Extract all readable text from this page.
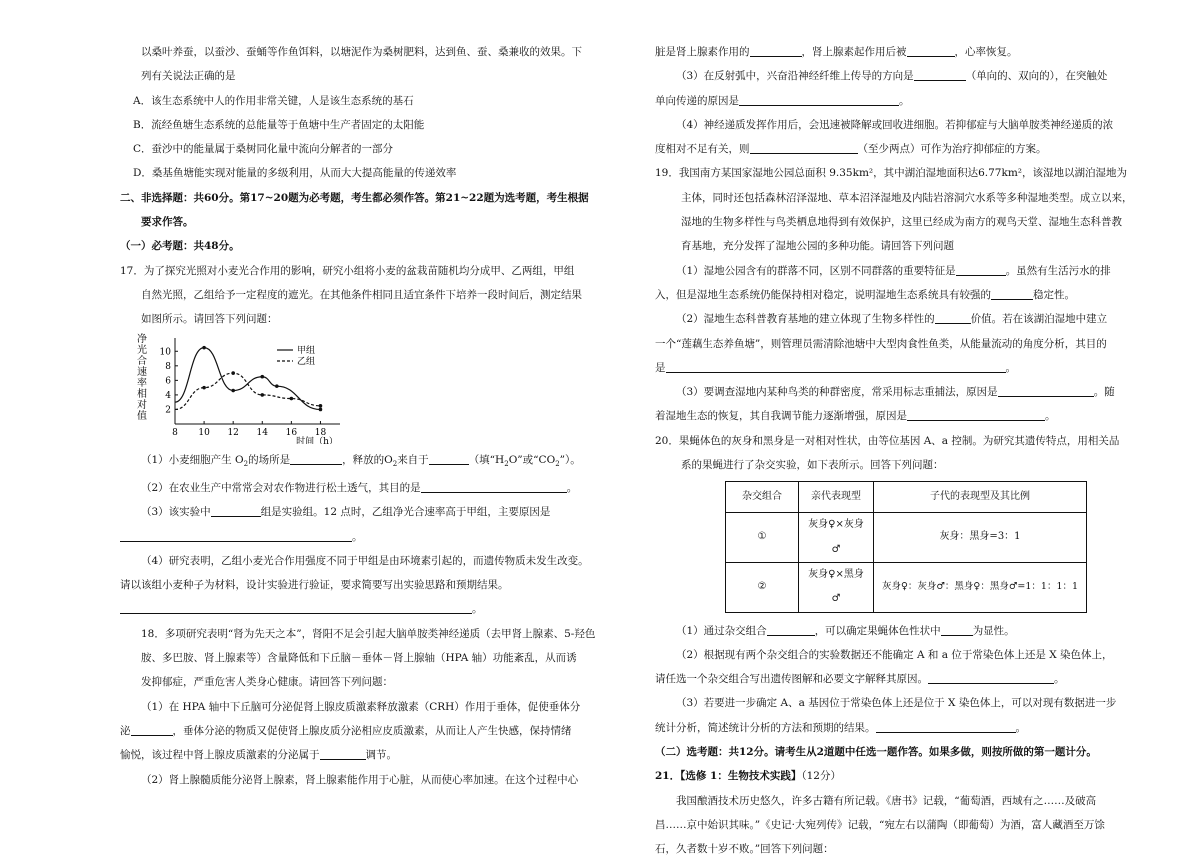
以桑叶养蚕，以蚕沙、蚕蛹等作鱼饵料，以塘泥作为桑树肥料，达到鱼、蚕、桑兼收的效果。下

列有关说法正确的是

A．该生态系统中人的作用非常关键，人是该生态系统的基石

B．流经鱼塘生态系统的总能量等于鱼塘中生产者固定的太阳能

C．蚕沙中的能量属于桑树同化量中流向分解者的一部分

D．桑基鱼塘能实现对能量的多级利用，从而大大提高能量的传递效率

二、非选择题：共60分。第17~20题为必考题，考生都必须作答。第21~22题为选考题，考生根据

要求作答。

（一）必考题：共48分。

17．为了探究光照对小麦光合作用的影响，研究小组将小麦的盆栽苗随机均分成甲、乙两组，甲组

自然光照，乙组给予一定程度的遮光。在其他条件相同且适宜条件下培养一段时间后，测定结果

如图所示。请回答下列问题：

净
光
合
速
率
相
对
值
2
4
6
8
10
8 10 12 14 16 18
时间（h）
甲组
乙组

（1）小麦细胞产生 $O_2$的场所是	，释放的$O_2$来自于	（填“$H_2O$”或“$CO_2$”）。

（2）在农业生产中常常会对农作物进行松土透气，其目的是	。

（3）该实验中	组是实验组。12 点时，乙组净光合速率高于甲组，主要原因是

。

（4）研究表明，乙组小麦光合作用强度不同于甲组是由环境素引起的，而遗传物质未发生改变。

请以该组小麦种子为材料，设计实验进行验证，要求简要写出实验思路和预期结果。

。

18．多项研究表明“肾为先天之本”，肾阳不足会引起大脑单胺类神经递质（去甲肾上腺素、5-羟色

胺、多巴胺、肾上腺素等）含量降低和下丘脑－垂体－肾上腺轴（HPA 轴）功能紊乱，从而诱

发抑郁症，严重危害人类身心健康。请回答下列问题：

（1）在 HPA 轴中下丘脑可分泌促肾上腺皮质激素释放激素（CRH）作用于垂体，促使垂体分

泌	，垂体分泌的物质又促使肾上腺皮质分泌相应皮质激素，从而让人产生快感，保持情绪

愉悦，该过程中肾上腺皮质激素的分泌属于	调节。

（2）肾上腺髓质能分泌肾上腺素，肾上腺素能作用于心脏，从而使心率加速。在这个过程中心

脏是肾上腺素作用的	，肾上腺素起作用后被	，心率恢复。

（3）在反射弧中，兴奋沿神经纤维上传导的方向是	（单向的、双向的），在突触处

单向传递的原因是	。

（4）神经递质发挥作用后，会迅速被降解或回收进细胞。若抑郁症与大脑单胺类神经递质的浓

度相对不足有关，则	（至少两点）可作为治疗抑郁症的方案。

19．我国南方某国家湿地公园总面积 9.35km²，其中湖泊湿地面积达6.77km²，该湿地以湖泊湿地为

主体，同时还包括森林沼泽湿地、草本沼泽湿地及内陆岩溶洞穴水系等多种湿地类型。成立以来，

湿地的生物多样性与鸟类栖息地得到有效保护，这里已经成为南方的观鸟天堂、湿地生态科普教

育基地，充分发挥了湿地公园的多种功能。请回答下列问题

（1）湿地公园含有的群落不同，区别不同群落的重要特征是	。虽然有生活污水的排

入，但是湿地生态系统仍能保持相对稳定，说明湿地生态系统具有较强的	稳定性。

（2）湿地生态科普教育基地的建立体现了生物多样性的	价值。若在该湖泊湿地中建立

一个“莲藕生态养鱼塘”，则管理员需清除池塘中大型肉食性鱼类，从能量流动的角度分析，其目的

是	。

（3）要调查湿地内某种鸟类的种群密度，常采用标志重捕法，原因是	。随

着湿地生态的恢复，其自我调节能力逐渐增强，原因是	。

20．果蝇体色的灰身和黑身是一对相对性状，由等位基因 A、a 控制。为研究其遗传特点，用相关品

系的果蝇进行了杂交实验，如下表所示。回答下列问题：

杂交组合	亲代表现型	子代的表现型及其比例
①	灰身♀×灰身♂	灰身：黑身=3：1
②	灰身♀×黑身♂	灰身♀：灰身♂：黑身♀：黑身♂=1：1：1：1

（1）通过杂交组合	，可以确定果蝇体色性状中	为显性。

（2）根据现有两个杂交组合的实验数据还不能确定 A 和 a 位于常染色体上还是 X 染色体上，

请任选一个杂交组合写出遗传图解和必要文字解释其原因。	。

（3）若要进一步确定 A、a 基因位于常染色体上还是位于 X 染色体上，可以对现有数据进一步

统计分析，简述统计分析的方法和预期的结果。	。

（二）选考题：共12分。请考生从2道题中任选一题作答。如果多做，则按所做的第一题计分。

21．【选修 1：生物技术实践】（12分）

我国酿酒技术历史悠久，许多古籍有所记载。《唐书》记载，“葡萄酒，西域有之……及破高

昌……京中始识其味。”《史记·大宛列传》记载，“宛左右以蒲陶（即葡萄）为酒，富人藏酒至万馀

石，久者数十岁不败。”回答下列问题：
